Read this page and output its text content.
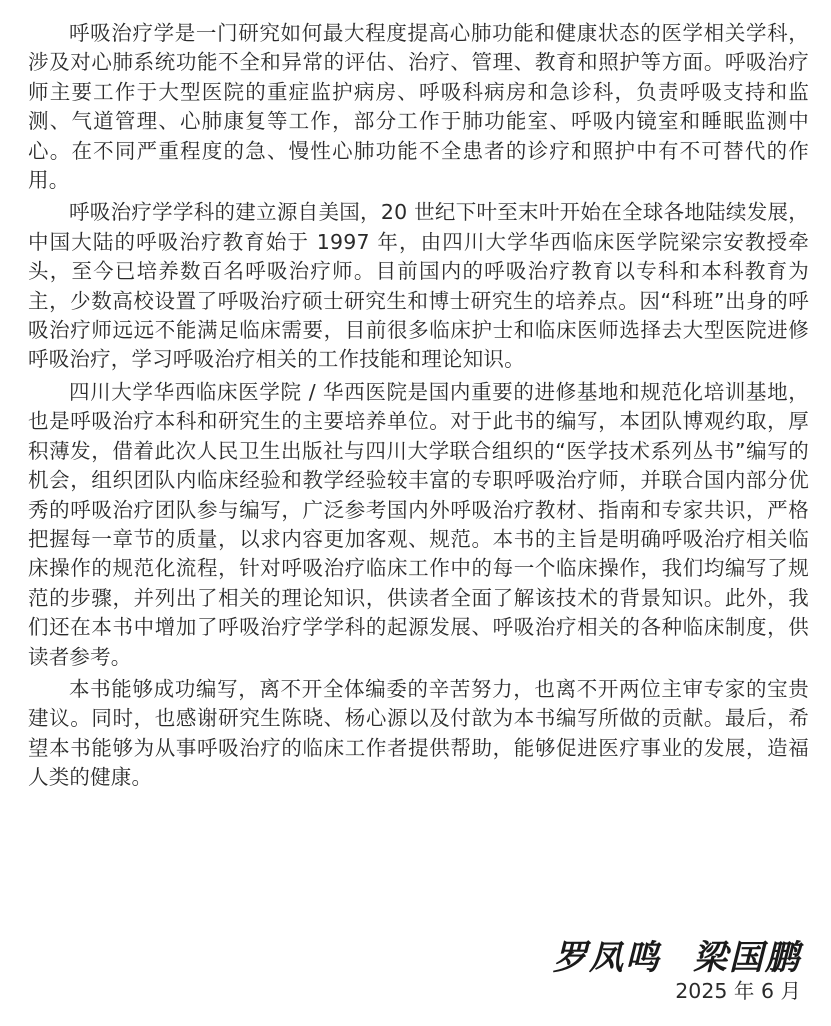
呼吸治疗学是一门研究如何最大程度提高心肺功能和健康状态的医学相关学科，涉及对心肺系统功能不全和异常的评估、治疗、管理、教育和照护等方面。呼吸治疗师主要工作于大型医院的重症监护病房、呼吸科病房和急诊科，负责呼吸支持和监测、气道管理、心肺康复等工作，部分工作于肺功能室、呼吸内镜室和睡眠监测中心。在不同严重程度的急、慢性心肺功能不全患者的诊疗和照护中有不可替代的作用。

呼吸治疗学学科的建立源自美国，20 世纪下叶至末叶开始在全球各地陆续发展，中国大陆的呼吸治疗教育始于 1997 年，由四川大学华西临床医学院梁宗安教授牵头，至今已培养数百名呼吸治疗师。目前国内的呼吸治疗教育以专科和本科教育为主，少数高校设置了呼吸治疗硕士研究生和博士研究生的培养点。因“科班”出身的呼吸治疗师远远不能满足临床需要，目前很多临床护士和临床医师选择去大型医院进修呼吸治疗，学习呼吸治疗相关的工作技能和理论知识。

四川大学华西临床医学院 / 华西医院是国内重要的进修基地和规范化培训基地，也是呼吸治疗本科和研究生的主要培养单位。对于此书的编写，本团队博观约取，厚积薄发，借着此次人民卫生出版社与四川大学联合组织的“医学技术系列丛书”编写的机会，组织团队内临床经验和教学经验较丰富的专职呼吸治疗师，并联合国内部分优秀的呼吸治疗团队参与编写，广泛参考国内外呼吸治疗教材、指南和专家共识，严格把握每一章节的质量，以求内容更加客观、规范。本书的主旨是明确呼吸治疗相关临床操作的规范化流程，针对呼吸治疗临床工作中的每一个临床操作，我们均编写了规范的步骤，并列出了相关的理论知识，供读者全面了解该技术的背景知识。此外，我们还在本书中增加了呼吸治疗学学科的起源发展、呼吸治疗相关的各种临床制度，供读者参考。

本书能够成功编写，离不开全体编委的辛苦努力，也离不开两位主审专家的宝贵建议。同时，也感谢研究生陈晓、杨心源以及付歆为本书编写所做的贡献。最后，希望本书能够为从事呼吸治疗的临床工作者提供帮助，能够促进医疗事业的发展，造福人类的健康。

罗凤鸣 梁国鹏
2025 年 6 月
